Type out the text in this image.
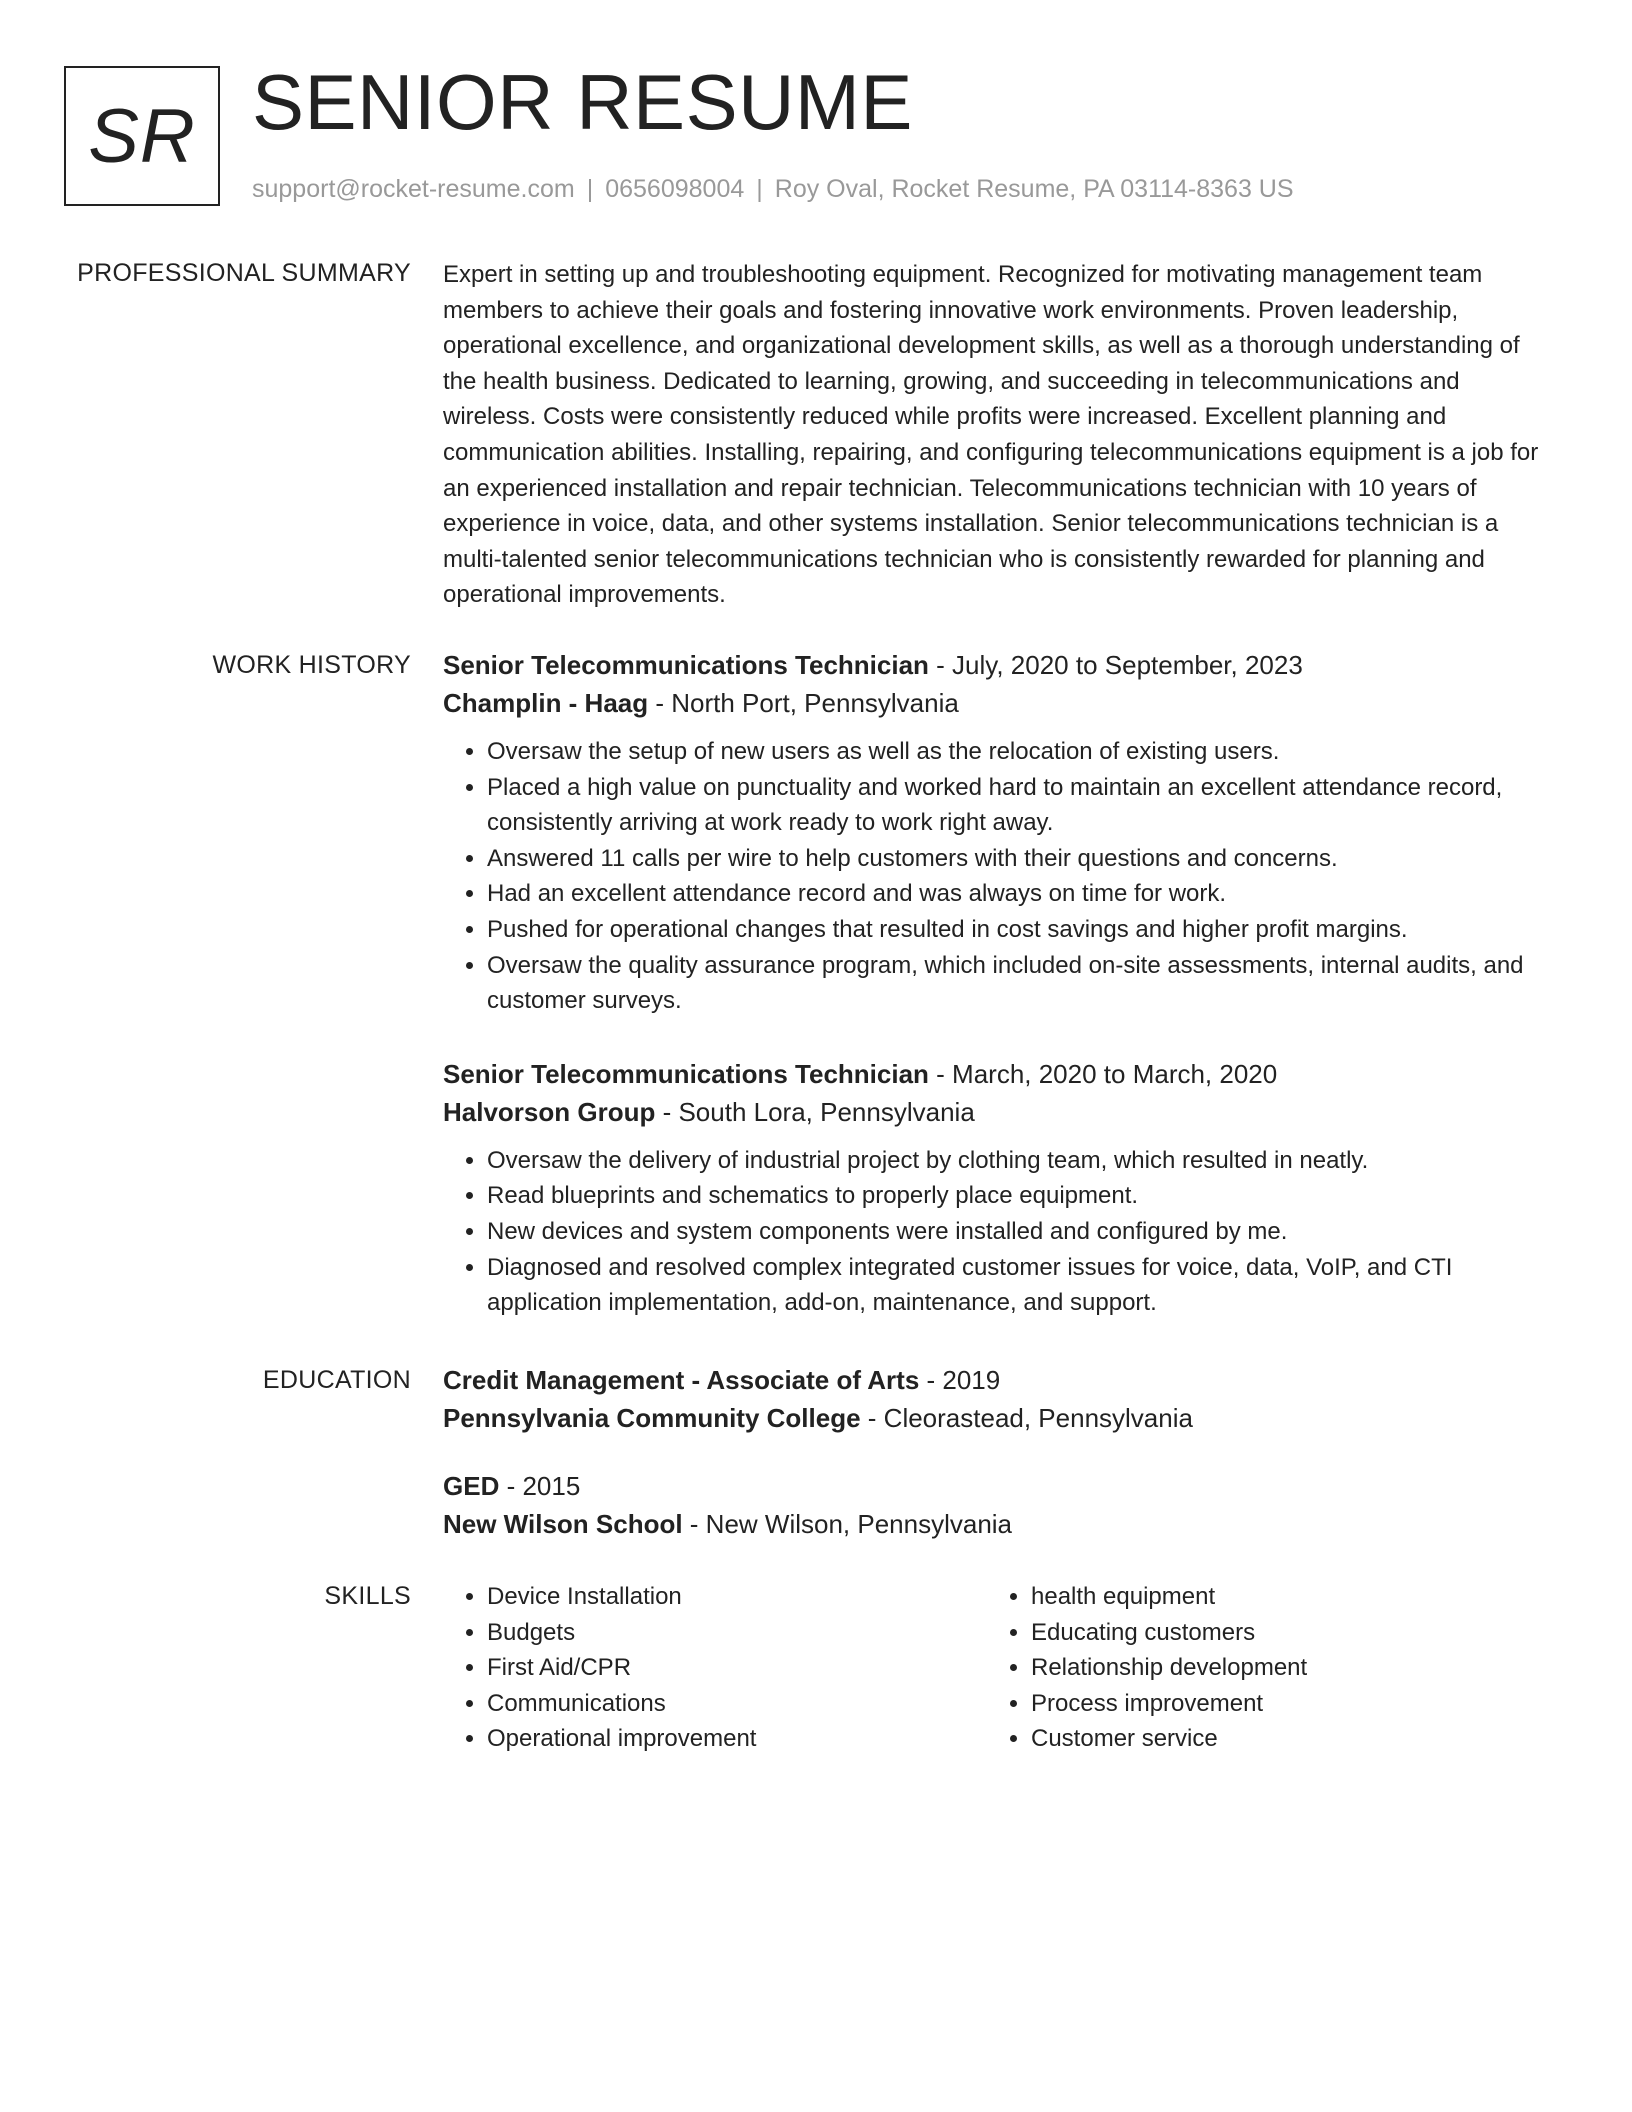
SR SENIOR RESUME
support@rocket-resume.com | 0656098004 | Roy Oval, Rocket Resume, PA 03114-8363 US
PROFESSIONAL SUMMARY Expert in setting up and troubleshooting equipment. Recognized for motivating management team members to achieve their goals and fostering innovative work environments. Proven leadership, operational excellence, and organizational development skills, as well as a thorough understanding of the health business. Dedicated to learning, growing, and succeeding in telecommunications and wireless. Costs were consistently reduced while profits were increased. Excellent planning and communication abilities. Installing, repairing, and configuring telecommunications equipment is a job for an experienced installation and repair technician. Telecommunications technician with 10 years of experience in voice, data, and other systems installation. Senior telecommunications technician is a multi-talented senior telecommunications technician who is consistently rewarded for planning and operational improvements.

WORK HISTORY Senior Telecommunications Technician - July, 2020 to September, 2023

Champlin - Haag - North Port, Pennsylvania

• Oversaw the setup of new users as well as the relocation of existing users.
• Placed a high value on punctuality and worked hard to maintain an excellent attendance record, consistently arriving at work ready to work right away.
• Answered 11 calls per wire to help customers with their questions and concerns.
• Had an excellent attendance record and was always on time for work.
• Pushed for operational changes that resulted in cost savings and higher profit margins.
• Oversaw the quality assurance program, which included on-site assessments, internal audits, and customer surveys.

Senior Telecommunications Technician - March, 2020 to March, 2020

Halvorson Group - South Lora, Pennsylvania

• Oversaw the delivery of industrial project by clothing team, which resulted in neatly.
• Read blueprints and schematics to properly place equipment.
• New devices and system components were installed and configured by me.
• Diagnosed and resolved complex integrated customer issues for voice, data, VoIP, and CTI application implementation, add-on, maintenance, and support.
EDUCATION Credit Management - Associate of Arts - 2019

Pennsylvania Community College - Cleorastead, Pennsylvania

GED - 2015

New Wilson School - New Wilson, Pennsylvania

SKILLS
•	Device Installation
• Budgets
• First Aid/CPR
• Communications
• Operational improvement
• health equipment
• Educating customers
• Relationship development
• Process improvement
• Customer service
